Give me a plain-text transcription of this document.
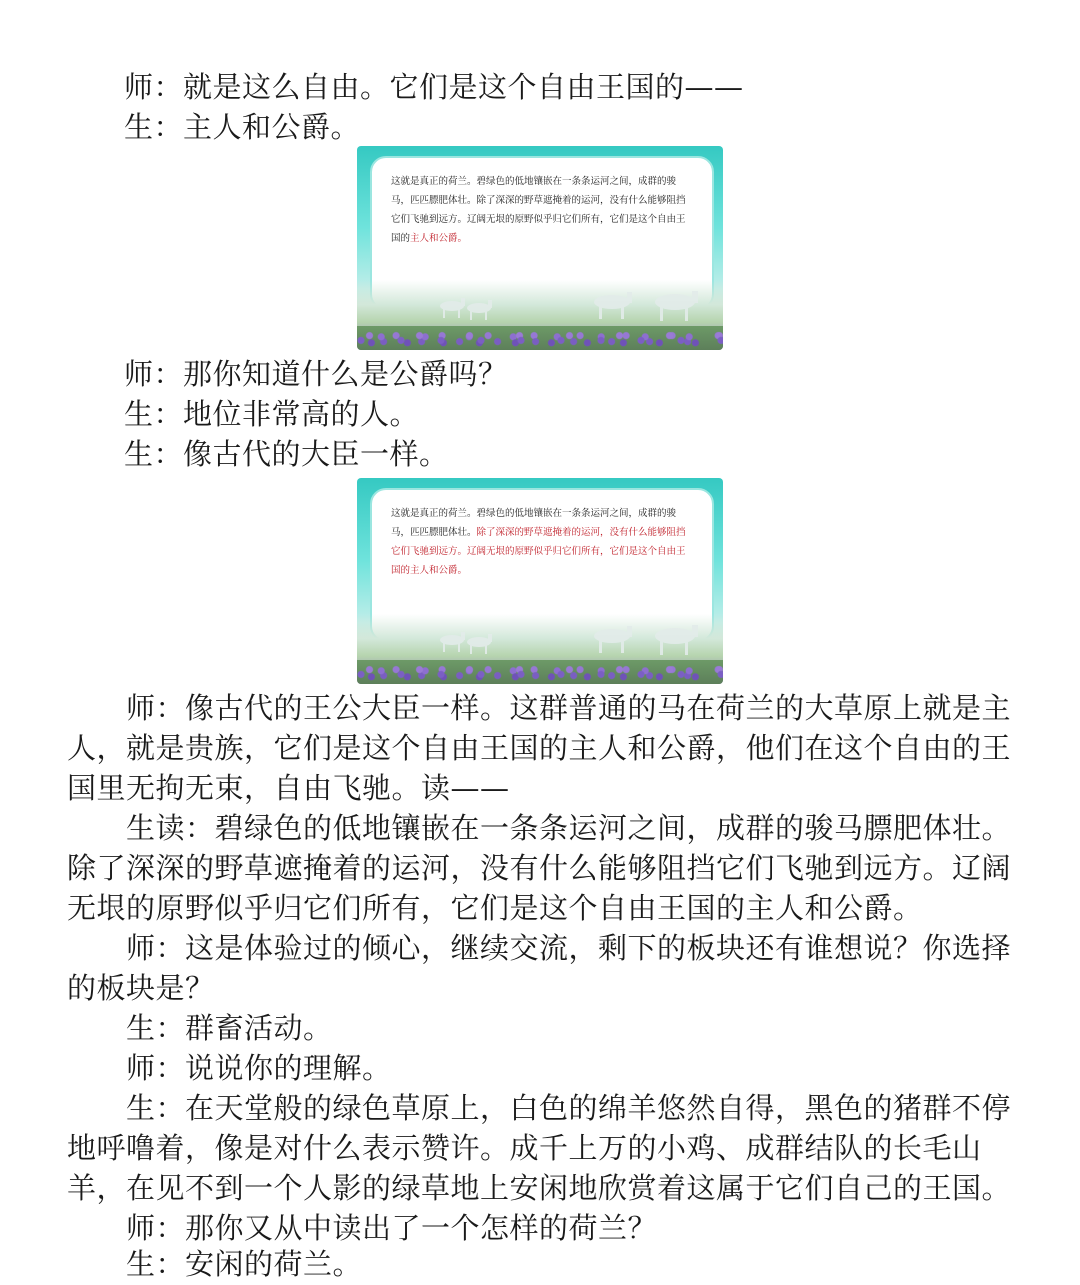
师：就是这么自由。它们是这个自由王国的——
生：主人和公爵。
这就是真正的荷兰。碧绿色的低地镶嵌在一条条运河之间，成群的骏马，匹匹膘肥体壮。除了深深的野草遮掩着的运河，没有什么能够阻挡它们飞驰到远方。辽阔无垠的原野似乎归它们所有，它们是这个自由王国的主人和公爵。
师：那你知道什么是公爵吗？
生：地位非常高的人。
生：像古代的大臣一样。
这就是真正的荷兰。碧绿色的低地镶嵌在一条条运河之间，成群的骏马，匹匹膘肥体壮。除了深深的野草遮掩着的运河，没有什么能够阻挡它们飞驰到远方。辽阔无垠的原野似乎归它们所有，它们是这个自由王国的主人和公爵。
　　师：像古代的王公大臣一样。这群普通的马在荷兰的大草原上就是主
人，就是贵族，它们是这个自由王国的主人和公爵，他们在这个自由的王
国里无拘无束，自由飞驰。读——
　　生读：碧绿色的低地镶嵌在一条条运河之间，成群的骏马膘肥体壮。
除了深深的野草遮掩着的运河，没有什么能够阻挡它们飞驰到远方。辽阔
无垠的原野似乎归它们所有，它们是这个自由王国的主人和公爵。
　　师：这是体验过的倾心，继续交流，剩下的板块还有谁想说？你选择
的板块是？
　　生：群畜活动。
　　师：说说你的理解。
　　生：在天堂般的绿色草原上，白色的绵羊悠然自得，黑色的猪群不停
地呼噜着，像是对什么表示赞许。成千上万的小鸡、成群结队的长毛山
羊，在见不到一个人影的绿草地上安闲地欣赏着这属于它们自己的王国。
　　师：那你又从中读出了一个怎样的荷兰？
　　生：安闲的荷兰。
